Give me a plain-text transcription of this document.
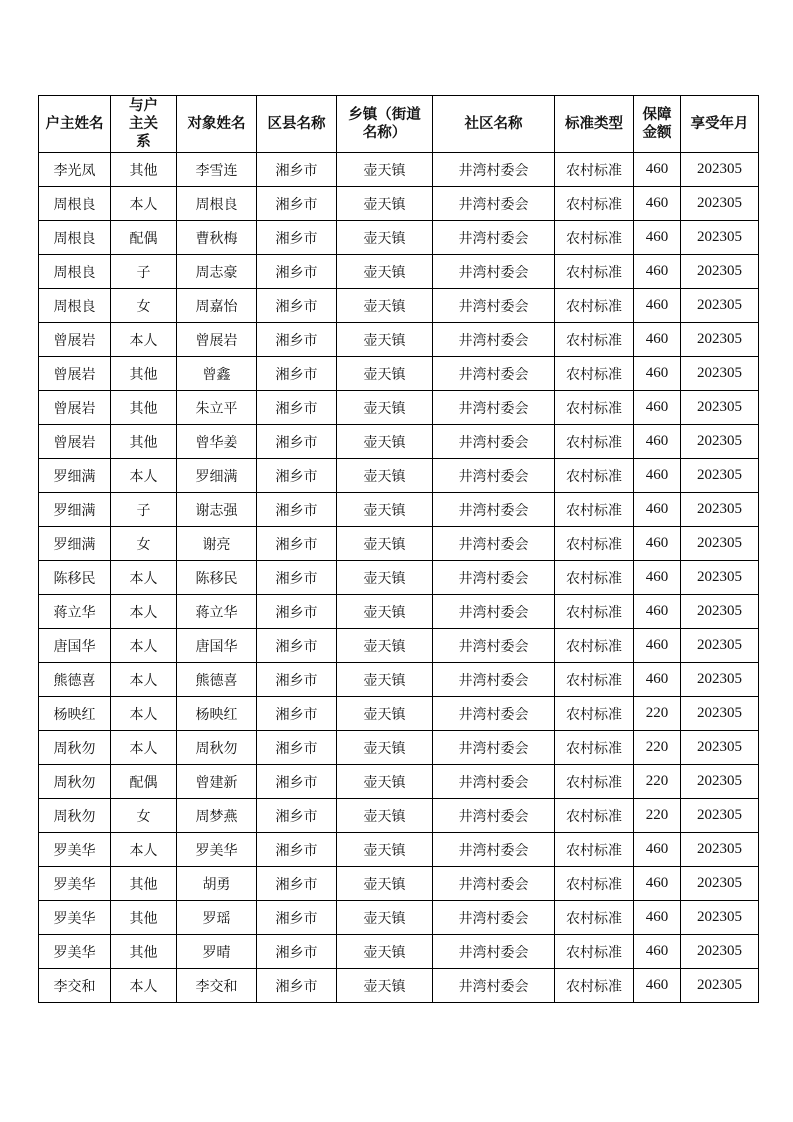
户主姓名	与户主关系	对象姓名	区县名称	乡镇（街道名称）	社区名称	标准类型	保障金额	享受年月
李光凤	其他	李雪连	湘乡市	壶天镇	井湾村委会	农村标准	460	202305
周根良	本人	周根良	湘乡市	壶天镇	井湾村委会	农村标准	460	202305
周根良	配偶	曹秋梅	湘乡市	壶天镇	井湾村委会	农村标准	460	202305
周根良	子	周志豪	湘乡市	壶天镇	井湾村委会	农村标准	460	202305
周根良	女	周嘉怡	湘乡市	壶天镇	井湾村委会	农村标准	460	202305
曾展岩	本人	曾展岩	湘乡市	壶天镇	井湾村委会	农村标准	460	202305
曾展岩	其他	曾鑫	湘乡市	壶天镇	井湾村委会	农村标准	460	202305
曾展岩	其他	朱立平	湘乡市	壶天镇	井湾村委会	农村标准	460	202305
曾展岩	其他	曾华姜	湘乡市	壶天镇	井湾村委会	农村标准	460	202305
罗细满	本人	罗细满	湘乡市	壶天镇	井湾村委会	农村标准	460	202305
罗细满	子	谢志强	湘乡市	壶天镇	井湾村委会	农村标准	460	202305
罗细满	女	谢亮	湘乡市	壶天镇	井湾村委会	农村标准	460	202305
陈移民	本人	陈移民	湘乡市	壶天镇	井湾村委会	农村标准	460	202305
蒋立华	本人	蒋立华	湘乡市	壶天镇	井湾村委会	农村标准	460	202305
唐国华	本人	唐国华	湘乡市	壶天镇	井湾村委会	农村标准	460	202305
熊德喜	本人	熊德喜	湘乡市	壶天镇	井湾村委会	农村标准	460	202305
杨映红	本人	杨映红	湘乡市	壶天镇	井湾村委会	农村标准	220	202305
周秋勿	本人	周秋勿	湘乡市	壶天镇	井湾村委会	农村标准	220	202305
周秋勿	配偶	曾建新	湘乡市	壶天镇	井湾村委会	农村标准	220	202305
周秋勿	女	周梦燕	湘乡市	壶天镇	井湾村委会	农村标准	220	202305
罗美华	本人	罗美华	湘乡市	壶天镇	井湾村委会	农村标准	460	202305
罗美华	其他	胡勇	湘乡市	壶天镇	井湾村委会	农村标准	460	202305
罗美华	其他	罗瑶	湘乡市	壶天镇	井湾村委会	农村标准	460	202305
罗美华	其他	罗晴	湘乡市	壶天镇	井湾村委会	农村标准	460	202305
李交和	本人	李交和	湘乡市	壶天镇	井湾村委会	农村标准	460	202305
